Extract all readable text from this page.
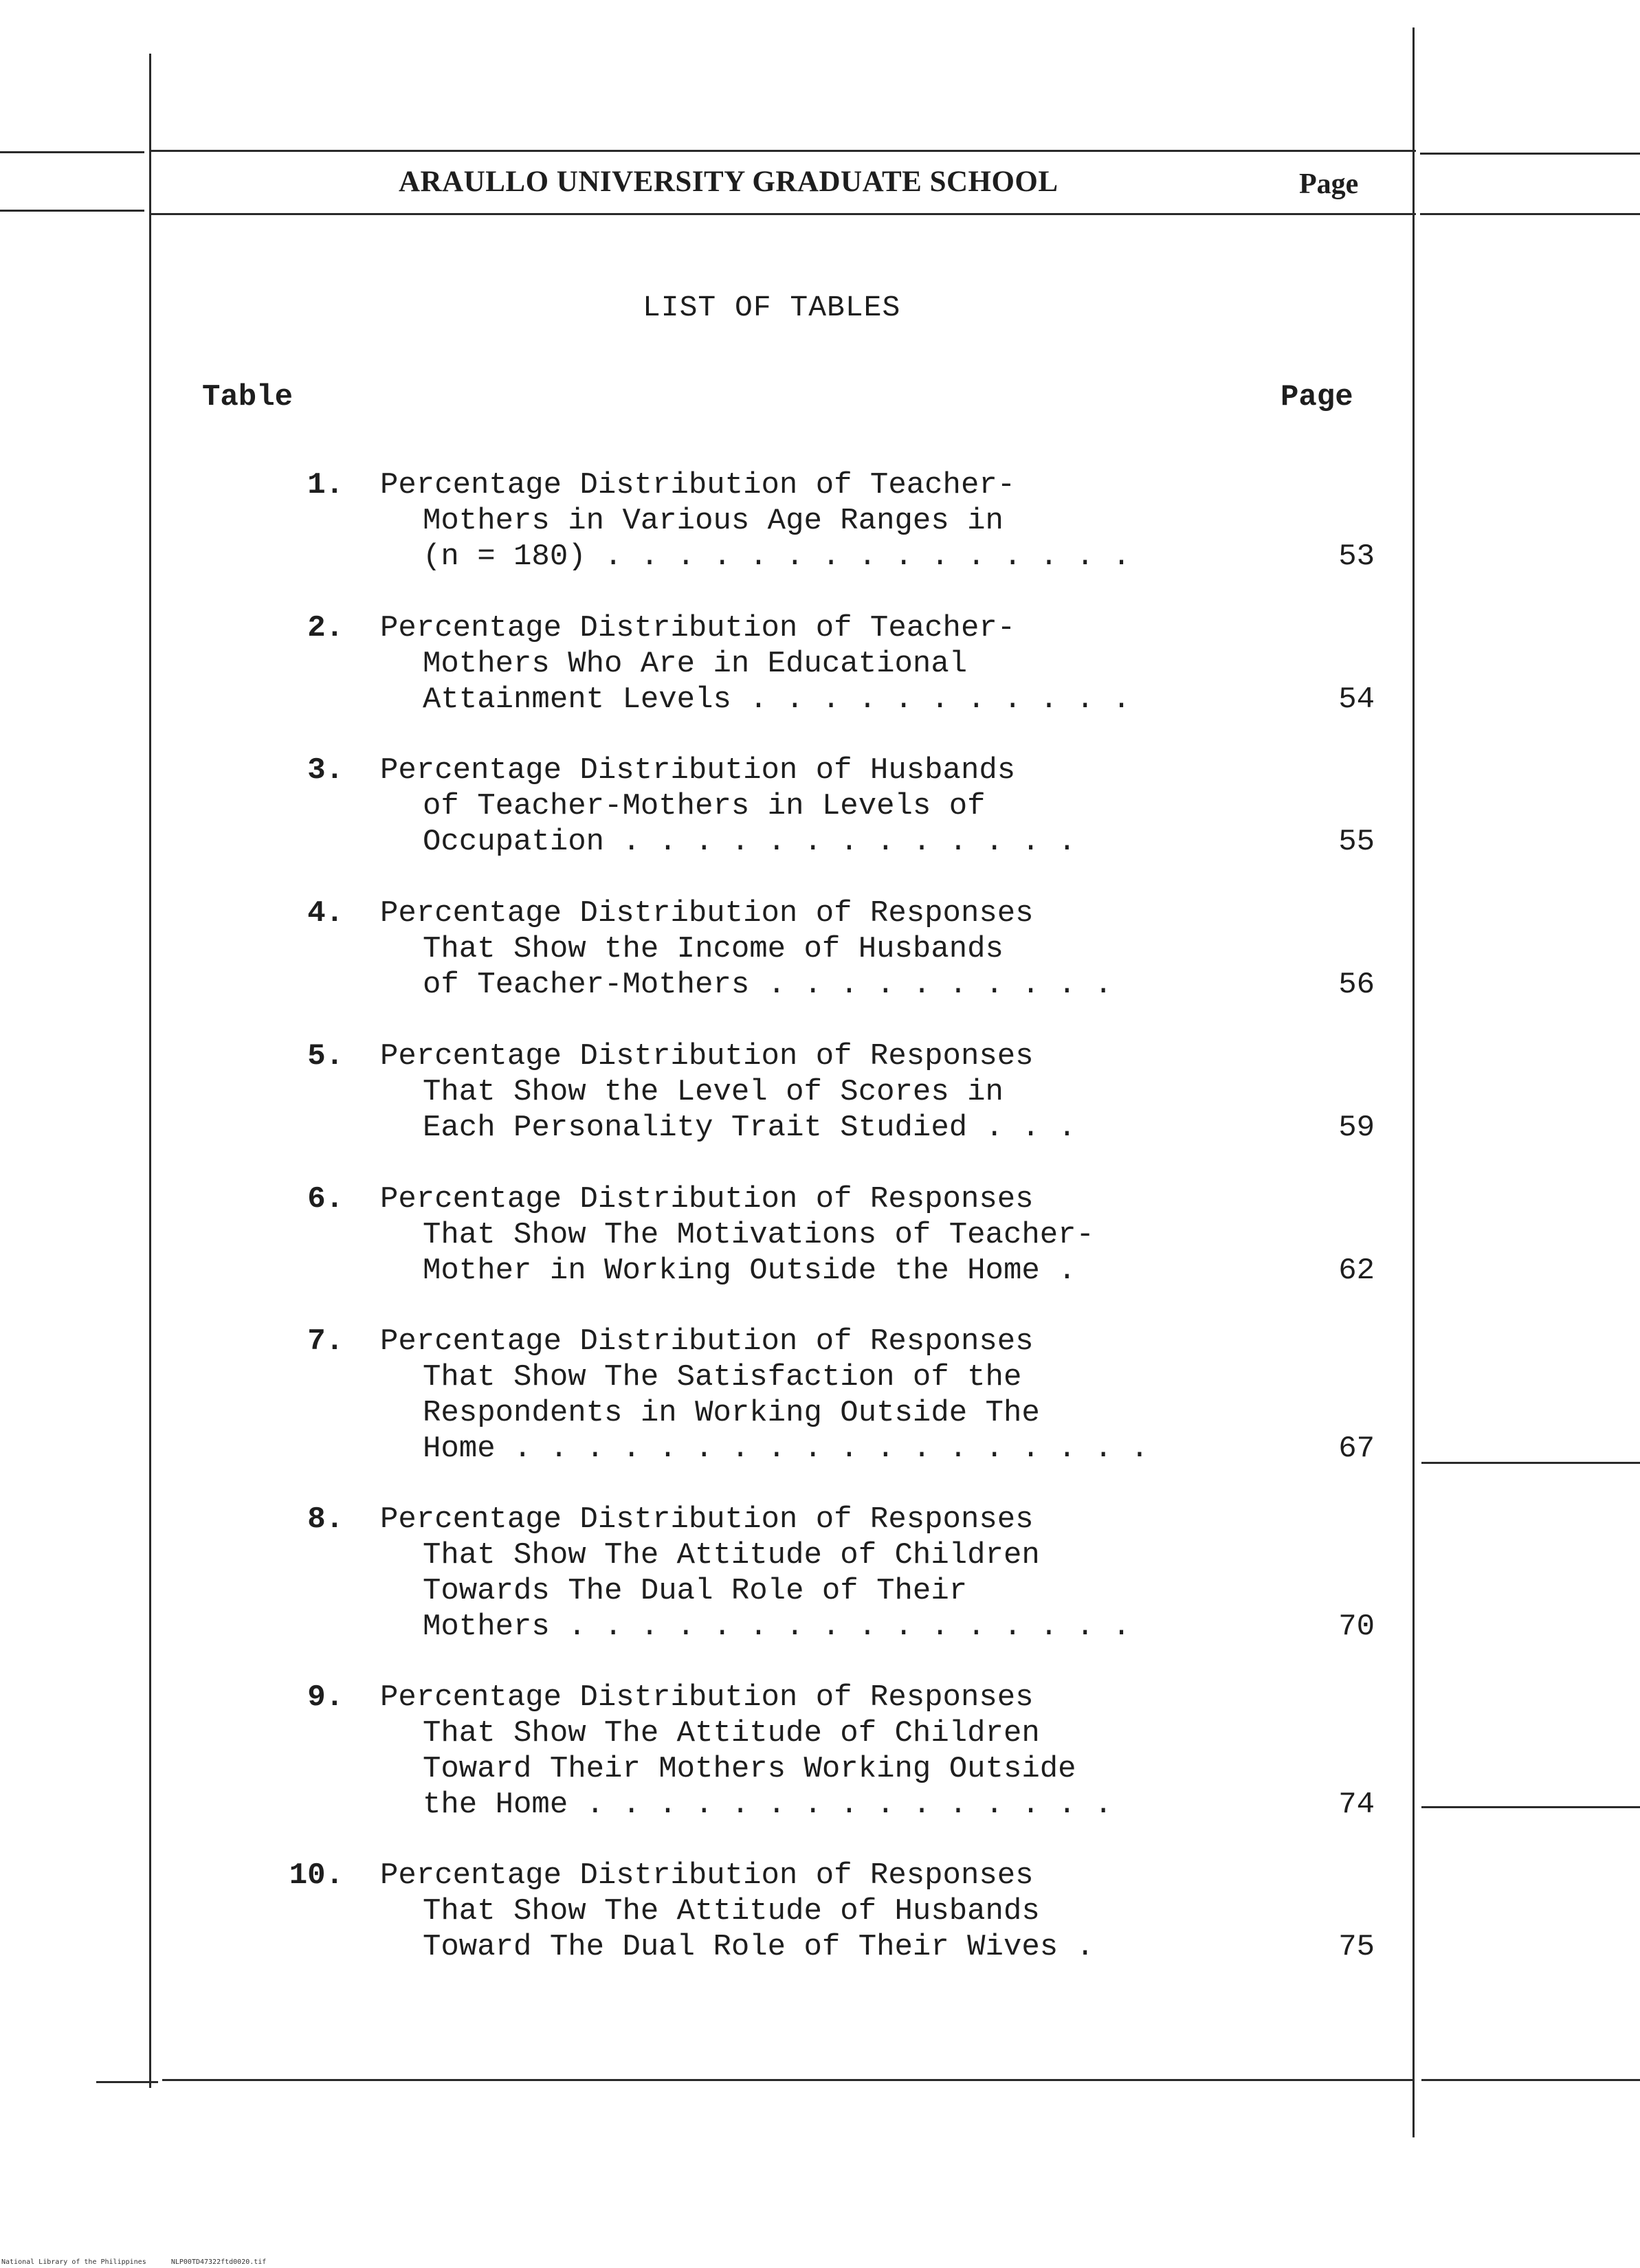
ARAULLO UNIVERSITY GRADUATE SCHOOL	Page
LIST OF TABLES
Table	Page
1. Percentage Distribution of Teacher-
Mothers in Various Age Ranges in
(n = 180) . . . . . . . . . . . . . . .	53
2. Percentage Distribution of Teacher-
Mothers Who Are in Educational
Attainment Levels . . . . . . . . . . .	54
3. Percentage Distribution of Husbands
of Teacher-Mothers in Levels of
Occupation . . . . . . . . . . . . .	55
4. Percentage Distribution of Responses
That Show the Income of Husbands
of Teacher-Mothers . . . . . . . . . .	56
5. Percentage Distribution of Responses
That Show the Level of Scores in
Each Personality Trait Studied . . .	59
6. Percentage Distribution of Responses
That Show The Motivations of Teacher-
Mother in Working Outside the Home .	62
7. Percentage Distribution of Responses
That Show The Satisfaction of the
Respondents in Working Outside The
Home . . . . . . . . . . . . . . . . . .	67
8. Percentage Distribution of Responses
That Show The Attitude of Children
Towards The Dual Role of Their
Mothers . . . . . . . . . . . . . . . .	70
9. Percentage Distribution of Responses
That Show The Attitude of Children
Toward Their Mothers Working Outside
the Home . . . . . . . . . . . . . . .	74
10. Percentage Distribution of Responses
That Show The Attitude of Husbands
Toward The Dual Role of Their Wives .	75
National Library of the Philippines	NLP00TD47322ftd0020.tif
